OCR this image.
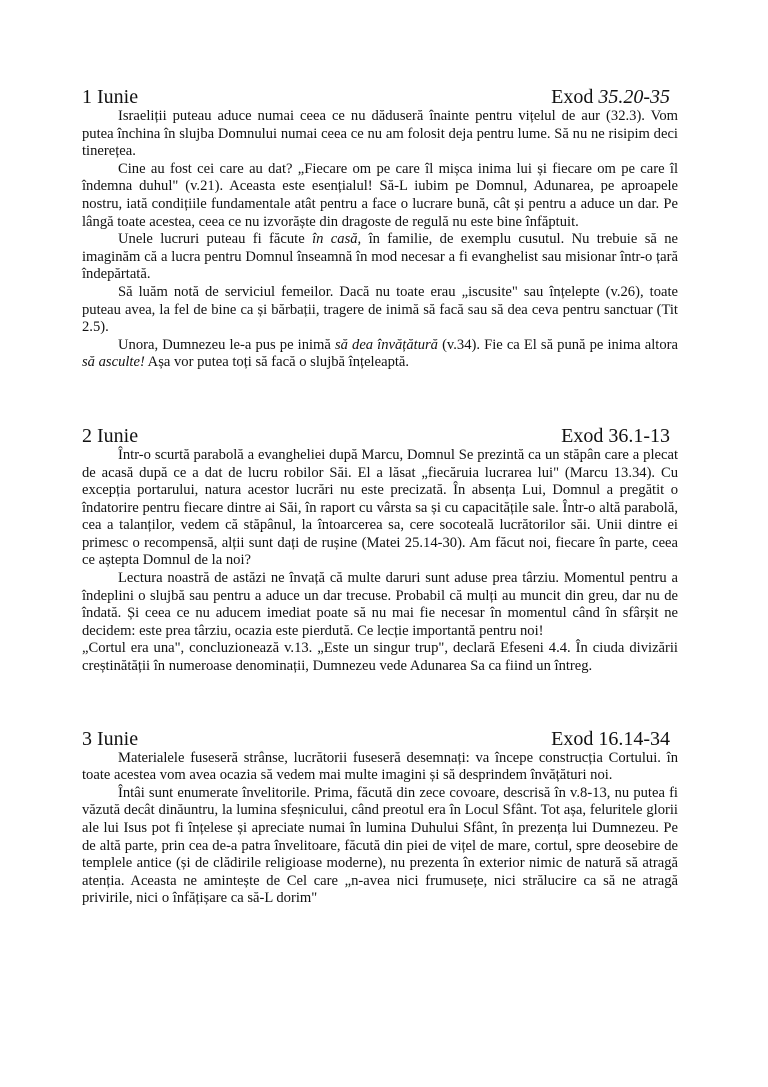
1 Iunie	Exod 35.20-35

Israeliții puteau aduce numai ceea ce nu dăduseră înainte pentru vițelul de aur (32.3). Vom putea închina în slujba Domnului numai ceea ce nu am folosit deja pentru lume. Să nu ne risipim deci tinerețea.

Cine au fost cei care au dat? „Fiecare om pe care îl mișca inima lui și fiecare om pe care îl îndemna duhul" (v.21). Aceasta este esențialul! Să-L iubim pe Domnul, Adunarea, pe aproapele nostru, iată condițiile fundamentale atât pentru a face o lucrare bună, cât și pentru a aduce un dar. Pe lângă toate acestea, ceea ce nu izvorăște din dragoste de regulă nu este bine înfăptuit.

Unele lucruri puteau fi făcute în casă, în familie, de exemplu cusutul. Nu trebuie să ne imaginăm că a lucra pentru Domnul înseamnă în mod necesar a fi evanghelist sau misionar într-o țară îndepărtată.

Să luăm notă de serviciul femeilor. Dacă nu toate erau „iscusite" sau înțelepte (v.26), toate puteau avea, la fel de bine ca și bărbații, tragere de inimă să facă sau să dea ceva pentru sanctuar (Tit 2.5).

Unora, Dumnezeu le-a pus pe inimă să dea învățătură (v.34). Fie ca El să pună pe inima altora să asculte! Așa vor putea toți să facă o slujbă înțeleaptă.

2 Iunie	Exod 36.1-13

Într-o scurtă parabolă a evangheliei după Marcu, Domnul Se prezintă ca un stăpân care a plecat de acasă după ce a dat de lucru robilor Săi. El a lăsat „fiecăruia lucrarea lui" (Marcu 13.34). Cu excepția portarului, natura acestor lucrări nu este precizată. În absența Lui, Domnul a pregătit o îndatorire pentru fiecare dintre ai Săi, în raport cu vârsta sa și cu capacitățile sale. Într-o altă parabolă, cea a talanților, vedem că stăpânul, la întoarcerea sa, cere socoteală lucrătorilor săi. Unii dintre ei primesc o recompensă, alții sunt dați de rușine (Matei 25.14-30). Am făcut noi, fiecare în parte, ceea ce aștepta Domnul de la noi?

Lectura noastră de astăzi ne învață că multe daruri sunt aduse prea târziu. Momentul pentru a îndeplini o slujbă sau pentru a aduce un dar trecuse. Probabil că mulți au muncit din greu, dar nu de îndată. Și ceea ce nu aducem imediat poate să nu mai fie necesar în momentul când în sfârșit ne decidem: este prea târziu, ocazia este pierdută. Ce lecție importantă pentru noi!

„Cortul era una", concluzionează v.13. „Este un singur trup", declară Efeseni 4.4. În ciuda divizării creștinătății în numeroase denominații, Dumnezeu vede Adunarea Sa ca fiind un întreg.

3 Iunie	Exod 16.14-34

Materialele fuseseră strânse, lucrătorii fuseseră desemnați: va începe construcția Cortului. în toate acestea vom avea ocazia să vedem mai multe imagini și să desprindem învățături noi.

Întâi sunt enumerate învelitorile. Prima, făcută din zece covoare, descrisă în v.8-13, nu putea fi văzută decât dinăuntru, la lumina sfeșnicului, când preotul era în Locul Sfânt. Tot așa, feluritele glorii ale lui Isus pot fi înțelese și apreciate numai în lumina Duhului Sfânt, în prezența lui Dumnezeu. Pe de altă parte, prin cea de-a patra învelitoare, făcută din piei de vițel de mare, cortul, spre deosebire de templele antice (și de clădirile religioase moderne), nu prezenta în exterior nimic de natură să atragă atenția. Aceasta ne amintește de Cel care „n-avea nici frumusețe, nici strălucire ca să ne atragă privirile, nici o înfățișare ca să-L dorim"
